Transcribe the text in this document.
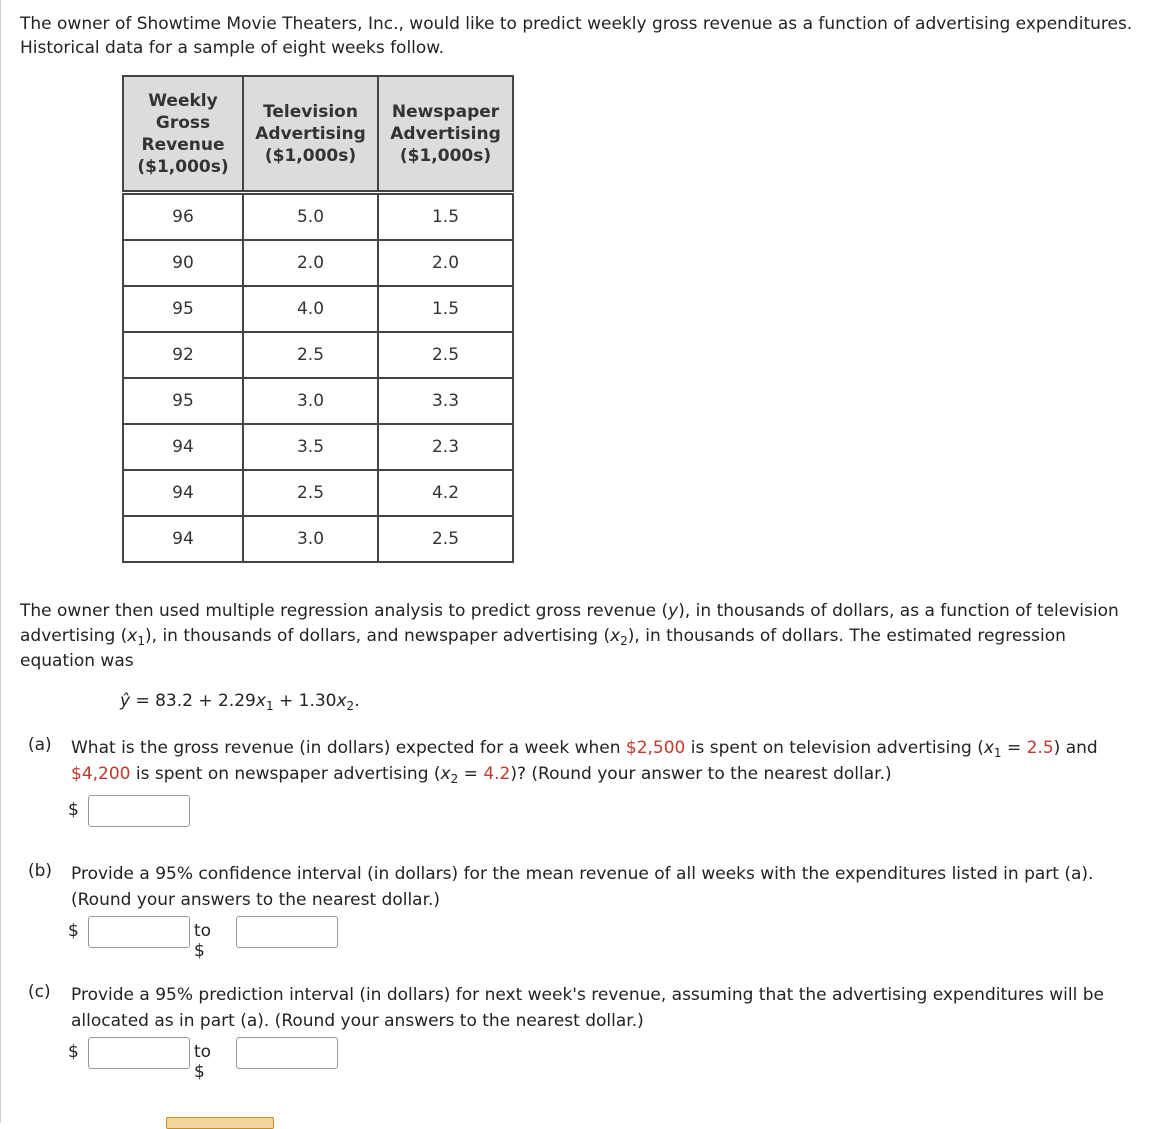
The owner of Showtime Movie Theaters, Inc., would like to predict weekly gross revenue as a function of advertising expenditures. Historical data for a sample of eight weeks follow.
Weekly
Gross
Revenue
($1,000s)	Television
Advertising
($1,000s)	Newspaper
Advertising
($1,000s)

96	5.0	1.5
90	2.0	2.0
95	4.0	1.5
92	2.5	2.5
95	3.0	3.3
94	3.5	2.3
94	2.5	4.2
94	3.0	2.5
The owner then used multiple regression analysis to predict gross revenue (y), in thousands of dollars, as a function of television advertising $(x_1)$, in thousands of dollars, and newspaper advertising $(x_2)$, in thousands of dollars. The estimated regression equation was
ŷ = $83.2 + 2.29x_1 + 1.30x_2$.
(a) What is the gross revenue (in dollars) expected for a week when $2,500 is spent on television advertising $(x_1 = 2.5)$ and $4,200 is spent on newspaper advertising $(x_2 = 4.2)$? (Round your answer to the nearest dollar.)
$
(b) Provide a 95% confidence interval (in dollars) for the mean revenue of all weeks with the expenditures listed in part (a). (Round your answers to the nearest dollar.)
$	to $
(c) Provide a 95% prediction interval (in dollars) for next week's revenue, assuming that the advertising expenditures will be allocated as in part (a). (Round your answers to the nearest dollar.)
$	to $
